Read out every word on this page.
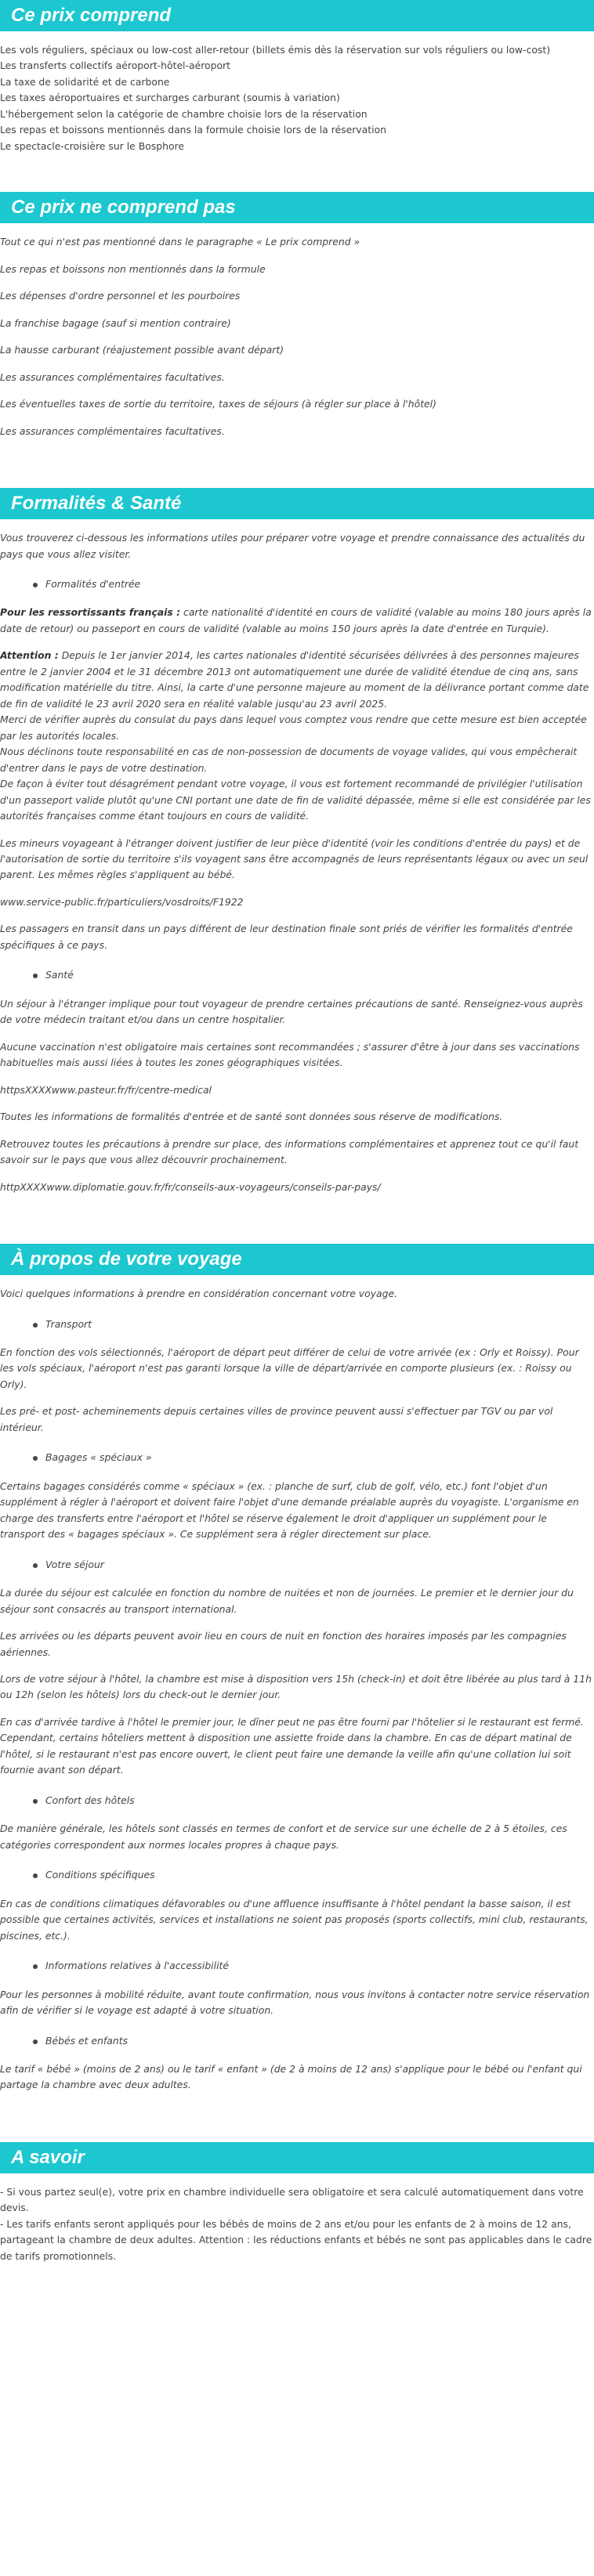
Ce prix comprend

Les vols réguliers, spéciaux ou low-cost aller-retour (billets émis dès la réservation sur vols réguliers ou low-cost)

Les transferts collectifs aéroport-hôtel-aéroport

La taxe de solidarité et de carbone

Les taxes aéroportuaires et surcharges carburant (soumis à variation)

L'hébergement selon la catégorie de chambre choisie lors de la réservation

Les repas et boissons mentionnés dans la formule choisie lors de la réservation

Le spectacle-croisière sur le Bosphore

Ce prix ne comprend pas

Tout ce qui n'est pas mentionné dans le paragraphe « Le prix comprend »

Les repas et boissons non mentionnés dans la formule

Les dépenses d'ordre personnel et les pourboires

La franchise bagage (sauf si mention contraire)

La hausse carburant (réajustement possible avant départ)

Les assurances complémentaires facultatives.

Les éventuelles taxes de sortie du territoire, taxes de séjours (à régler sur place à l'hôtel)

Les assurances complémentaires facultatives.

Formalités & Santé

Vous trouverez ci-dessous les informations utiles pour préparer votre voyage et prendre connaissance des actualités du pays que vous allez visiter.

Formalités d'entrée

Pour les ressortissants français : carte nationalité d'identité en cours de validité (valable au moins 180 jours après la date de retour) ou passeport en cours de validité (valable au moins 150 jours après la date d'entrée en Turquie).

Attention : Depuis le 1er janvier 2014, les cartes nationales d'identité sécurisées délivrées à des personnes majeures entre le 2 janvier 2004 et le 31 décembre 2013 ont automatiquement une durée de validité étendue de cinq ans, sans modification matérielle du titre. Ainsi, la carte d'une personne majeure au moment de la délivrance portant comme date de fin de validité le 23 avril 2020 sera en réalité valable jusqu'au 23 avril 2025.

Merci de vérifier auprès du consulat du pays dans lequel vous comptez vous rendre que cette mesure est bien acceptée par les autorités locales.

Nous déclinons toute responsabilité en cas de non-possession de documents de voyage valides, qui vous empêcherait d'entrer dans le pays de votre destination.

De façon à éviter tout désagrément pendant votre voyage, il vous est fortement recommandé de privilégier l'utilisation d'un passeport valide plutôt qu'une CNI portant une date de fin de validité dépassée, même si elle est considérée par les autorités françaises comme étant toujours en cours de validité.

Les mineurs voyageant à l'étranger doivent justifier de leur pièce d'identité (voir les conditions d'entrée du pays) et de l'autorisation de sortie du territoire s'ils voyagent sans être accompagnés de leurs représentants légaux ou avec un seul parent. Les mêmes règles s'appliquent au bébé.

www.service-public.fr/particuliers/vosdroits/F1922

Les passagers en transit dans un pays différent de leur destination finale sont priés de vérifier les formalités d'entrée spécifiques à ce pays.

Santé

Un séjour à l'étranger implique pour tout voyageur de prendre certaines précautions de santé. Renseignez-vous auprès de votre médecin traitant et/ou dans un centre hospitalier.

Aucune vaccination n'est obligatoire mais certaines sont recommandées ; s'assurer d'être à jour dans ses vaccinations habituelles mais aussi liées à toutes les zones géographiques visitées.

httpsXXXXwww.pasteur.fr/fr/centre-medical

Toutes les informations de formalités d'entrée et de santé sont données sous réserve de modifications.

Retrouvez toutes les précautions à prendre sur place, des informations complémentaires et apprenez tout ce qu'il faut savoir sur le pays que vous allez découvrir prochainement.

httpXXXXwww.diplomatie.gouv.fr/fr/conseils-aux-voyageurs/conseils-par-pays/

À propos de votre voyage

Voici quelques informations à prendre en considération concernant votre voyage.

Transport

En fonction des vols sélectionnés, l'aéroport de départ peut différer de celui de votre arrivée (ex : Orly et Roissy). Pour les vols spéciaux, l'aéroport n'est pas garanti lorsque la ville de départ/arrivée en comporte plusieurs (ex. : Roissy ou Orly).

Les pré- et post- acheminements depuis certaines villes de province peuvent aussi s'effectuer par TGV ou par vol intérieur.

Bagages « spéciaux »

Certains bagages considérés comme « spéciaux » (ex. : planche de surf, club de golf, vélo, etc.) font l'objet d'un supplément à régler à l'aéroport et doivent faire l'objet d'une demande préalable auprès du voyagiste. L'organisme en charge des transferts entre l'aéroport et l'hôtel se réserve également le droit d'appliquer un supplément pour le transport des « bagages spéciaux ». Ce supplément sera à régler directement sur place.

Votre séjour

La durée du séjour est calculée en fonction du nombre de nuitées et non de journées. Le premier et le dernier jour du séjour sont consacrés au transport international.

Les arrivées ou les départs peuvent avoir lieu en cours de nuit en fonction des horaires imposés par les compagnies aériennes.

Lors de votre séjour à l'hôtel, la chambre est mise à disposition vers 15h (check-in) et doit être libérée au plus tard à 11h ou 12h (selon les hôtels) lors du check-out le dernier jour.

En cas d'arrivée tardive à l'hôtel le premier jour, le dîner peut ne pas être fourni par l'hôtelier si le restaurant est fermé. Cependant, certains hôteliers mettent à disposition une assiette froide dans la chambre. En cas de départ matinal de l'hôtel, si le restaurant n'est pas encore ouvert, le client peut faire une demande la veille afin qu'une collation lui soit fournie avant son départ.

Confort des hôtels

De manière générale, les hôtels sont classés en termes de confort et de service sur une échelle de 2 à 5 étoiles, ces catégories correspondent aux normes locales propres à chaque pays.

Conditions spécifiques

En cas de conditions climatiques défavorables ou d'une affluence insuffisante à l'hôtel pendant la basse saison, il est possible que certaines activités, services et installations ne soient pas proposés (sports collectifs, mini club, restaurants, piscines, etc.).

Informations relatives à l'accessibilité

Pour les personnes à mobilité réduite, avant toute confirmation, nous vous invitons à contacter notre service réservation afin de vérifier si le voyage est adapté à votre situation.

Bébés et enfants

Le tarif « bébé » (moins de 2 ans) ou le tarif « enfant » (de 2 à moins de 12 ans) s'applique pour le bébé ou l'enfant qui partage la chambre avec deux adultes.

A savoir

- Si vous partez seul(e), votre prix en chambre individuelle sera obligatoire et sera calculé automatiquement dans votre devis.

- Les tarifs enfants seront appliqués pour les bébés de moins de 2 ans et/ou pour les enfants de 2 à moins de 12 ans, partageant la chambre de deux adultes. Attention : les réductions enfants et bébés ne sont pas applicables dans le cadre de tarifs promotionnels.
